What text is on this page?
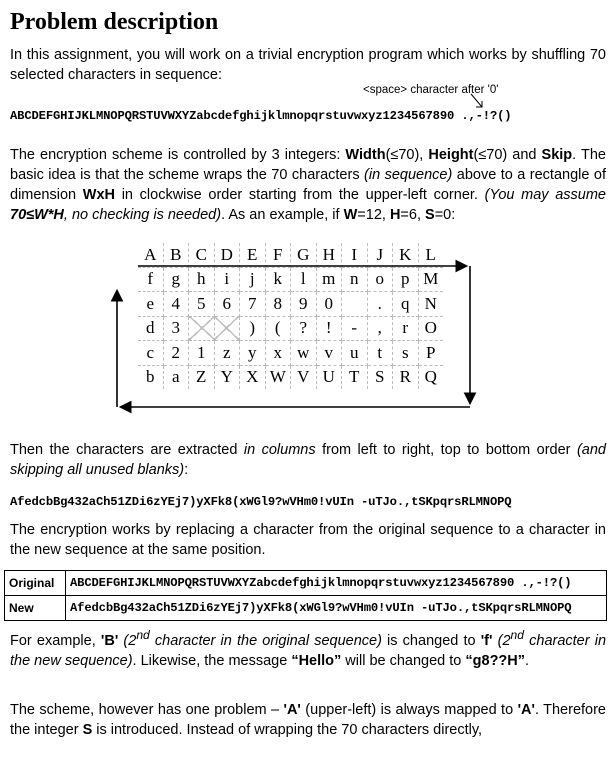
Problem description

In this assignment, you will work on a trivial encryption program which works by shuffling 70 selected characters in sequence:

<space> character after '0'
ABCDEFGHIJKLMNOPQRSTUVWXYZabcdefghijklmnopqrstuvwxyz1234567890 .,-!?()

The encryption scheme is controlled by 3 integers: Width(≤70), Height(≤70) and Skip. The basic idea is that the scheme wraps the 70 characters (in sequence) above to a rectangle of dimension WxH in clockwise order starting from the upper-left corner. (You may assume 70≤W*H, no checking is needed). As an example, if W=12, H=6, S=0:

A	B	C	D	E	F	G	H	I	J	K	L
f	g	h	i	j	k	l	m	n	o	p	M
e	4	5	6	7	8	9	0		.	q	N
d	3			)	(	?	!	-	,	r	O
c	2	1	z	y	x	w	v	u	t	s	P
b	a	Z	Y	X	W	V	U	T	S	R	Q

Then the characters are extracted in columns from left to right, top to bottom order (and skipping all unused blanks):

AfedcbBg432aCh51ZDi6zYEj7)yXFk8(xWGl9?wVHm0!vUIn -uTJo.,tSKpqrsRLMNOPQ

The encryption works by replacing a character from the original sequence to a character in the new sequence at the same position.

Original	ABCDEFGHIJKLMNOPQRSTUVWXYZabcdefghijklmnopqrstuvwxyz1234567890 .,-!?()
New	AfedcbBg432aCh51ZDi6zYEj7)yXFk8(xWGl9?wVHm0!vUIn -uTJo.,tSKpqrsRLMNOPQ

For example, 'B' (2nd character in the original sequence) is changed to 'f' (2nd character in the new sequence). Likewise, the message “Hello” will be changed to “g8??H”.

The scheme, however has one problem – 'A' (upper-left) is always mapped to 'A'. Therefore the integer S is introduced. Instead of wrapping the 70 characters directly,
